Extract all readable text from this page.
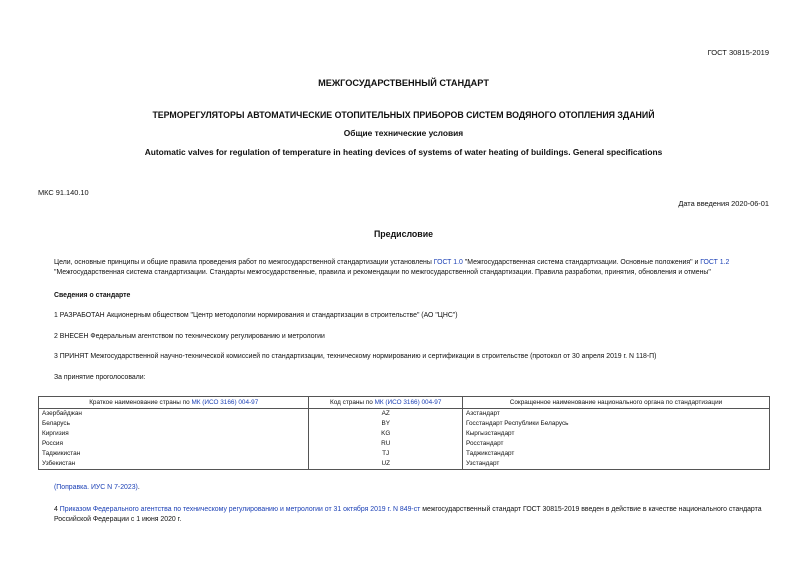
ГОСТ 30815-2019
МЕЖГОСУДАРСТВЕННЫЙ СТАНДАРТ
ТЕРМОРЕГУЛЯТОРЫ АВТОМАТИЧЕСКИЕ ОТОПИТЕЛЬНЫХ ПРИБОРОВ СИСТЕМ ВОДЯНОГО ОТОПЛЕНИЯ ЗДАНИЙ
Общие технические условия
Automatic valves for regulation of temperature in heating devices of systems of water heating of buildings. General specifications
МКС 91.140.10
Дата введения 2020-06-01
Предисловие
Цели, основные принципы и общие правила проведения работ по межгосударственной стандартизации установлены ГОСТ 1.0 "Межгосударственная система стандартизации. Основные положения" и ГОСТ 1.2 "Межгосударственная система стандартизации. Стандарты межгосударственные, правила и рекомендации по межгосударственной стандартизации. Правила разработки, принятия, обновления и отмены"
Сведения о стандарте
1 РАЗРАБОТАН Акционерным обществом "Центр методологии нормирования и стандартизации в строительстве" (АО "ЦНС")
2 ВНЕСЕН Федеральным агентством по техническому регулированию и метрологии
3 ПРИНЯТ Межгосударственной научно-технической комиссией по стандартизации, техническому нормированию и сертификации в строительстве (протокол от 30 апреля 2019 г. N 118-П)
За принятие проголосовали:
Краткое наименование страны по МК (ИСО 3166) 004-97	Код страны по МК (ИСО 3166) 004-97	Сокращенное наименование национального органа по стандартизации
Азербайджан	AZ	Азстандарт
Беларусь	BY	Госстандарт Республики Беларусь
Киргизия	KG	Кыргызстандарт
Россия	RU	Росстандарт
Таджикистан	TJ	Таджикстандарт
Узбекистан	UZ	Узстандарт
(Поправка. ИУС N 7-2023).
4 Приказом Федерального агентства по техническому регулированию и метрологии от 31 октября 2019 г. N 849-ст межгосударственный стандарт ГОСТ 30815-2019 введен в действие в качестве национального стандарта Российской Федерации с 1 июня 2020 г.
